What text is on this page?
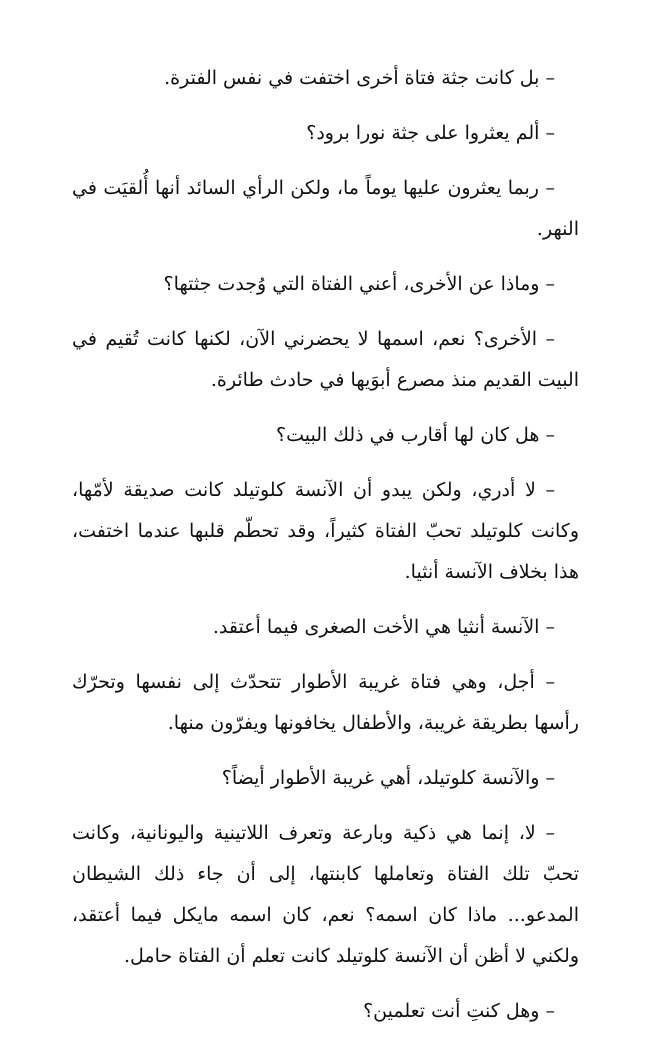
– بل كانت جثة فتاة أخرى اختفت في نفس الفترة.

– ألم يعثروا على جثة نورا برود؟

– ربما يعثرون عليها يوماً ما، ولكن الرأي السائد أنها أُلقيَت في النهر.

– وماذا عن الأخرى، أعني الفتاة التي وُجدت جثتها؟

– الأخرى؟ نعم، اسمها لا يحضرني الآن، لكنها كانت تُقيم في البيت القديم منذ مصرع أبوَيها في حادث طائرة.

– هل كان لها أقارب في ذلك البيت؟

– لا أدري، ولكن يبدو أن الآنسة كلوتيلد كانت صديقة لأمّها، وكانت كلوتيلد تحبّ الفتاة كثيراً، وقد تحطّم قلبها عندما اختفت، هذا بخلاف الآنسة أنثيا.

– الآنسة أنثيا هي الأخت الصغرى فيما أعتقد.

– أجل، وهي فتاة غريبة الأطوار تتحدّث إلى نفسها وتحرّك رأسها بطريقة غريبة، والأطفال يخافونها ويفرّون منها.

– والآنسة كلوتيلد، أهي غريبة الأطوار أيضاً؟

– لا، إنما هي ذكية وبارعة وتعرف اللاتينية واليونانية، وكانت تحبّ تلك الفتاة وتعاملها كابنتها، إلى أن جاء ذلك الشيطان المدعو... ماذا كان اسمه؟ نعم، كان اسمه مايكل فيما أعتقد، ولكني لا أظن أن الآنسة كلوتيلد كانت تعلم أن الفتاة حامل.

– وهل كنتِ أنت تعلمين؟
